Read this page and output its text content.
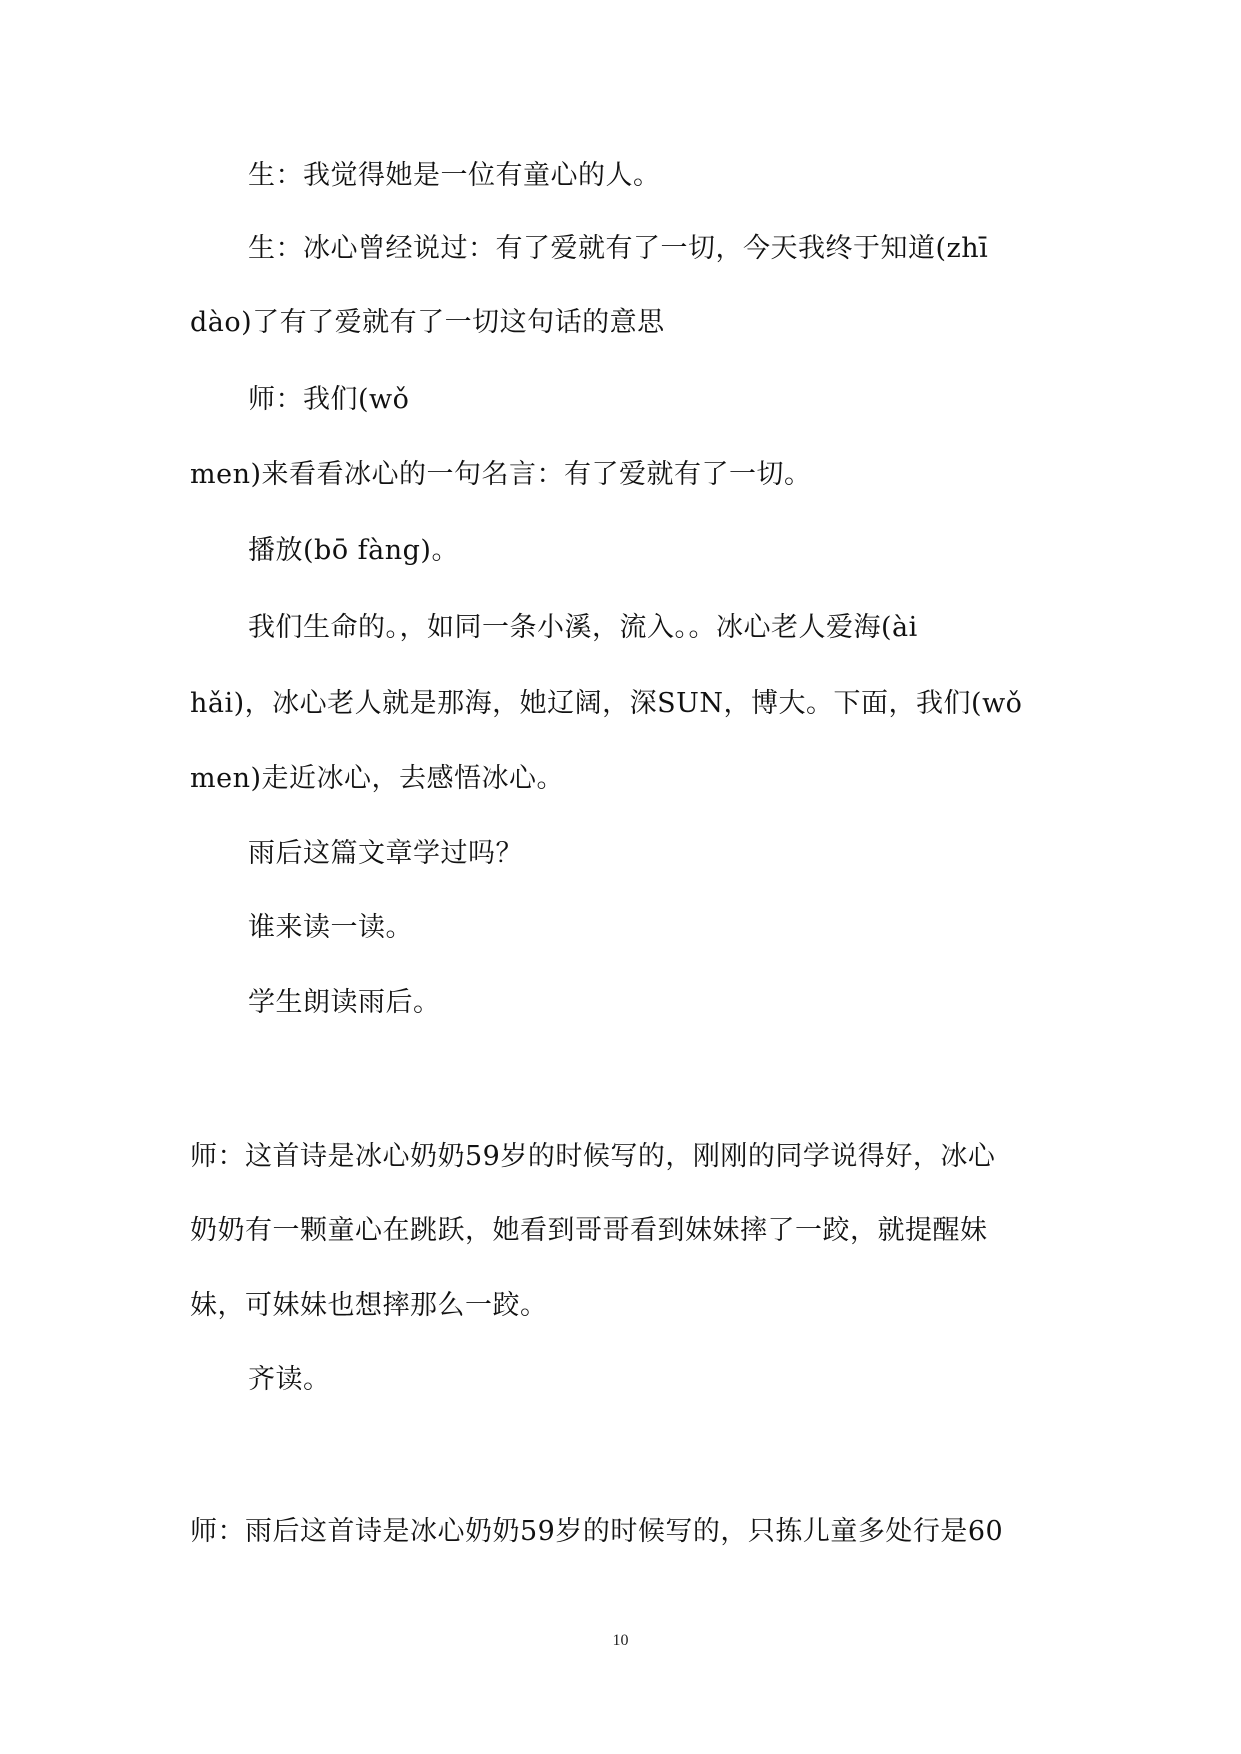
生：我觉得她是一位有童心的人。
生：冰心曾经说过：有了爱就有了一切，今天我终于知道(zhī
dào)了有了爱就有了一切这句话的意思
师：我们(wǒ
men)来看看冰心的一句名言：有了爱就有了一切。
播放(bō fàng)。
我们生命的。，如同一条小溪，流入。。冰心老人爱海(ài
hǎi)，冰心老人就是那海，她辽阔，深SUN，博大。下面，我们(wǒ
men)走近冰心，去感悟冰心。
雨后这篇文章学过吗？
谁来读一读。
学生朗读雨后。
师：这首诗是冰心奶奶59岁的时候写的，刚刚的同学说得好，冰心
奶奶有一颗童心在跳跃，她看到哥哥看到妹妹摔了一跤，就提醒妹
妹，可妹妹也想摔那么一跤。
齐读。
师：雨后这首诗是冰心奶奶59岁的时候写的，只拣儿童多处行是60
10
